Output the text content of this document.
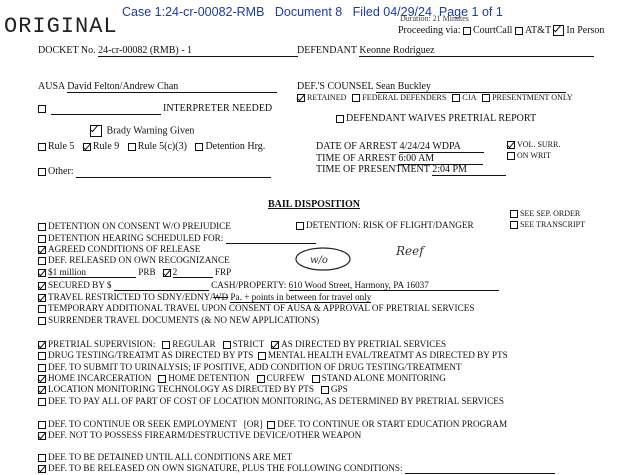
ORIGINAL
Case 1:24-cr-00082-RMB Document 8 Filed 04/29/24 Page 1 of 1
Duration: 21 Minutes
Proceeding via: CourtCall AT&T In Person
DOCKET No. 24-cr-00082 (RMB) - 1	DEFENDANT Keonne Rodriguez
AUSA David Felton/Andrew Chan	DEF.'S COUNSEL Sean Buckley
RETAINED FEDERAL DEFENDERS CJA PRESENTMENT ONLY
INTERPRETER NEEDED
DEFENDANT WAIVES PRETRIAL REPORT
Brady Warning Given
Rule 5 Rule 9 Rule 5(c)(3) Detention Hrg.	DATE OF ARREST 4/24/24 WDPA
TIME OF ARREST 6:00 AM
TIME OF PRESENTMENT 2:04 PM
VOL. SURR.
ON WRIT
Other:
BAIL DISPOSITION
SEE SEP. ORDER
SEE TRANSCRIPT
DETENTION: RISK OF FLIGHT/DANGER
DETENTION ON CONSENT W/O PREJUDICE
DETENTION HEARING SCHEDULED FOR:
AGREED CONDITIONS OF RELEASE
DEF. RELEASED ON OWN RECOGNIZANCE
$1 million	PRB 2	FRP
SECURED BY $	CASH/PROPERTY: 610 Wood Street, Harmony, PA 16037
TRAVEL RESTRICTED TO SDNY/EDNY/WD Pa. + points in between for travel only
TEMPORARY ADDITIONAL TRAVEL UPON CONSENT OF AUSA & APPROVAL OF PRETRIAL SERVICES
SURRENDER TRAVEL DOCUMENTS (& NO NEW APPLICATIONS)
w/o
Reef
PRETRIAL SUPERVISION: REGULAR STRICT AS DIRECTED BY PRETRIAL SERVICES
DRUG TESTING/TREATMT AS DIRECTED BY PTS MENTAL HEALTH EVAL/TREATMT AS DIRECTED BY PTS
DEF. TO SUBMIT TO URINALYSIS; IF POSITIVE, ADD CONDITION OF DRUG TESTING/TREATMENT
HOME INCARCERATION HOME DETENTION CURFEW STAND ALONE MONITORING
LOCATION MONITORING TECHNOLOGY AS DIRECTED BY PTS GPS
DEF. TO PAY ALL OF PART OF COST OF LOCATION MONITORING, AS DETERMINED BY PRETRIAL SERVICES
DEF. TO CONTINUE OR SEEK EMPLOYMENT [OR] DEF. TO CONTINUE OR START EDUCATION PROGRAM
DEF. NOT TO POSSESS FIREARM/DESTRUCTIVE DEVICE/OTHER WEAPON
DEF. TO BE DETAINED UNTIL ALL CONDITIONS ARE MET
DEF. TO BE RELEASED ON OWN SIGNATURE, PLUS THE FOLLOWING CONDITIONS:
